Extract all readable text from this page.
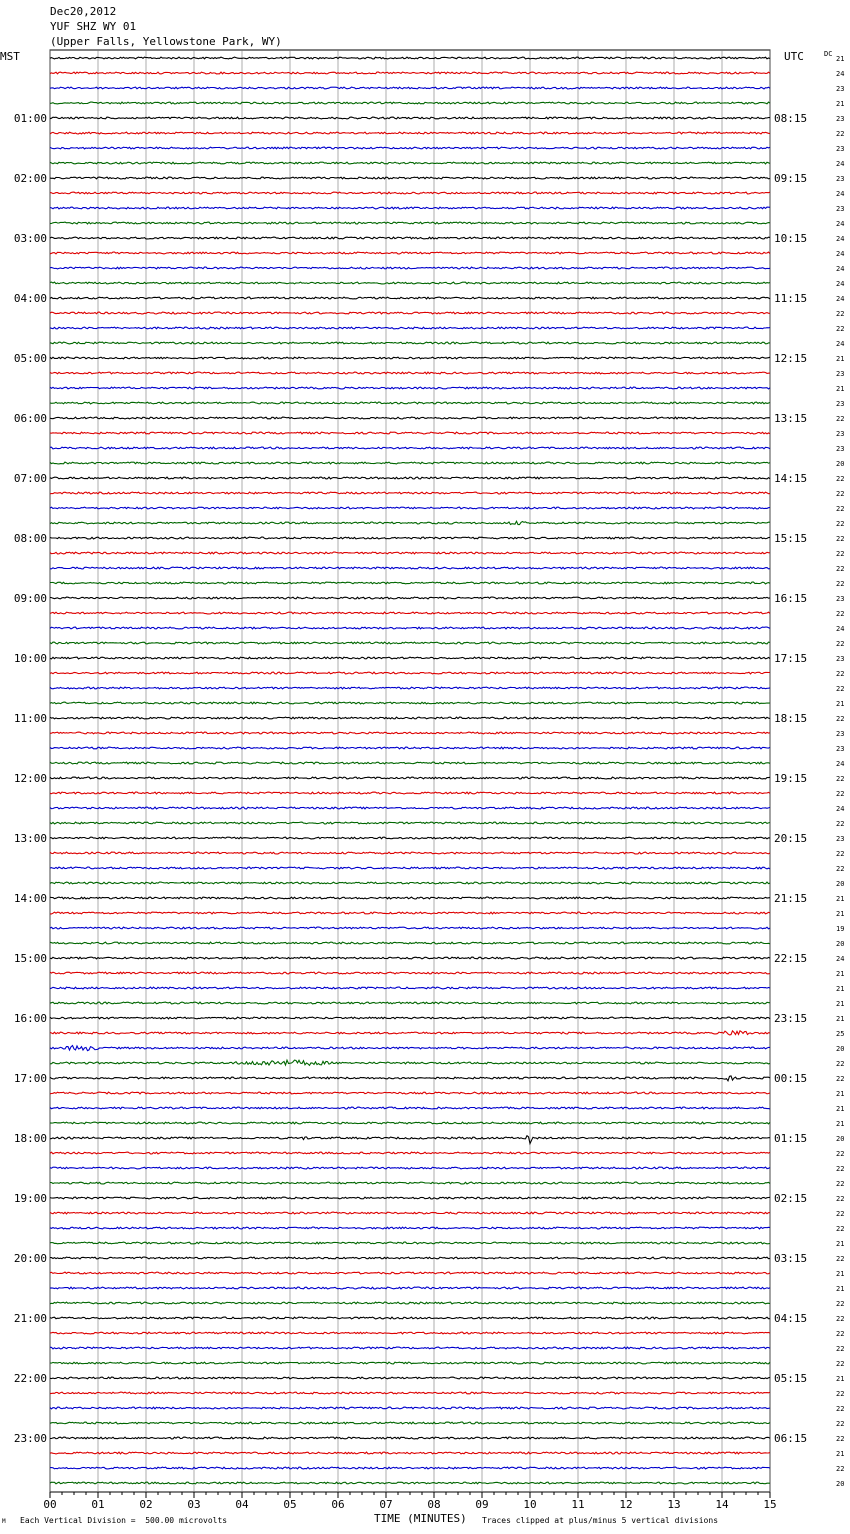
21
24
23
21
23
22
23
24
23
24
23
24
24
24
24
24
24
22
22
24
21
23
21
23
22
23
23
20
22
22
22
22
22
22
22
22
23
22
24
22
23
22
22
21
22
23
23
24
22
22
24
22
23
22
22
20
21
21
19
20
24
21
21
21
21
25
20
22
22
21
21
21
20
22
22
22
22
22
22
21
22
21
21
22
22
22
22
22
21
22
22
22
22
21
22
20
01:00
02:00
03:00
04:00
05:00
06:00
07:00
08:00
09:00
10:00
11:00
12:00
13:00
14:00
15:00
16:00
17:00
18:00
19:00
20:00
21:00
22:00
23:00
08:15
09:15
10:15
11:15
12:15
13:15
14:15
15:15
16:15
17:15
18:15
19:15
20:15
21:15
22:15
23:15
00:15
01:15
02:15
03:15
04:15
05:15
06:15
00	01	02	03	04	05	06	07	08	09	10	11	12	13	14	15
Dec20,2012
YUF SHZ WY 01
(Upper Falls, Yellowstone Park, WY)
MST	UTC	DC
TIME (MINUTES)
M Each Vertical Division =  500.00 microvolts	Traces clipped at plus/minus 5 vertical divisions
